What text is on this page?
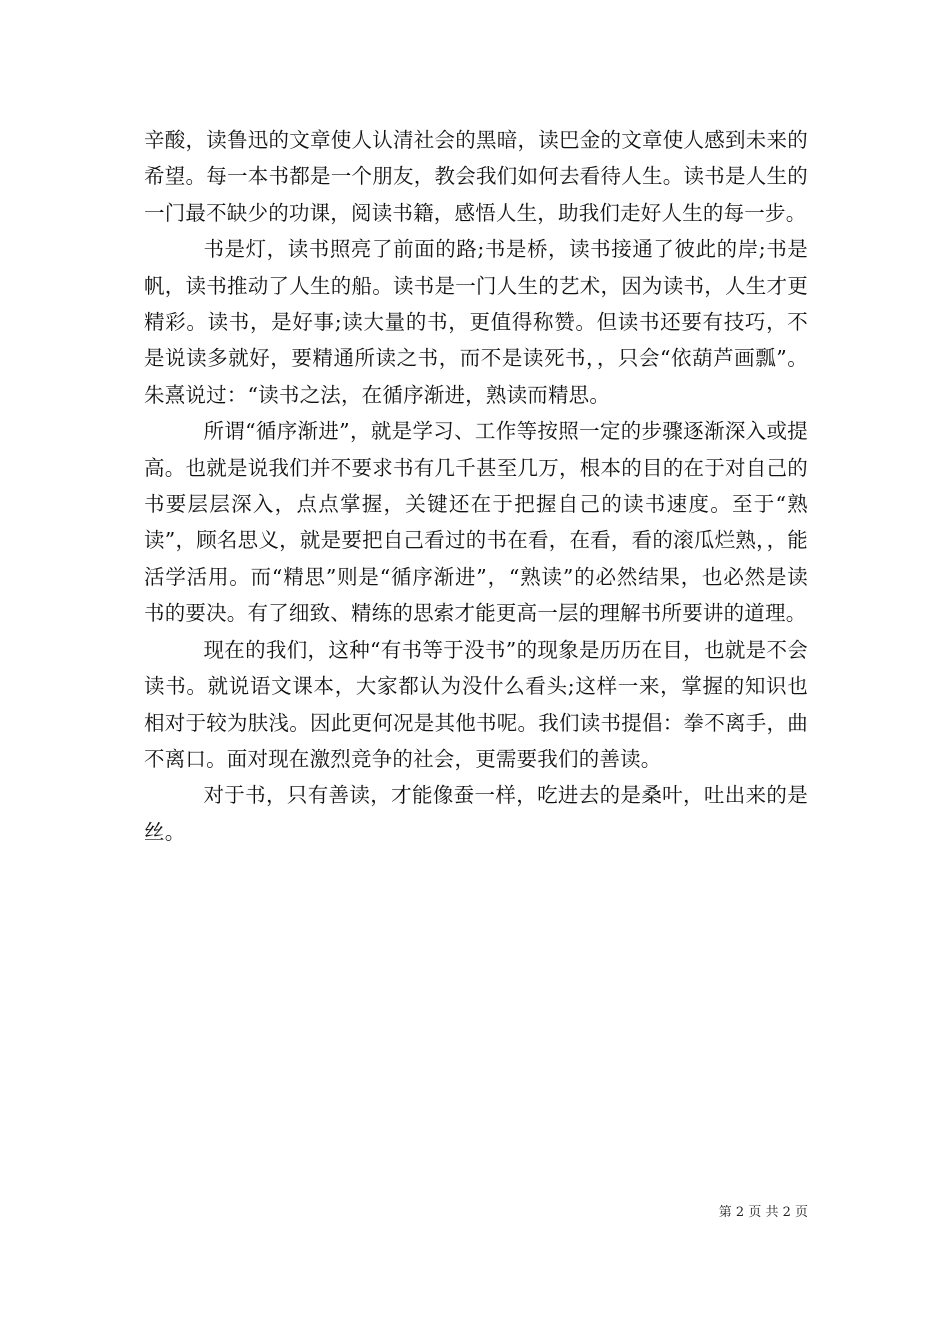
辛酸，读鲁迅的文章使人认清社会的黑暗，读巴金的文章使人感到未来的希望。每一本书都是一个朋友，教会我们如何去看待人生。读书是人生的一门最不缺少的功课，阅读书籍，感悟人生，助我们走好人生的每一步。

书是灯，读书照亮了前面的路;书是桥，读书接通了彼此的岸;书是帆，读书推动了人生的船。读书是一门人生的艺术，因为读书，人生才更精彩。读书，是好事;读大量的书，更值得称赞。但读书还要有技巧，不是说读多就好，要精通所读之书，而不是读死书，，只会“依葫芦画瓢”。朱熹说过：“读书之法，在循序渐进，熟读而精思。

所谓“循序渐进”，就是学习、工作等按照一定的步骤逐渐深入或提高。也就是说我们并不要求书有几千甚至几万，根本的目的在于对自己的书要层层深入，点点掌握，关键还在于把握自己的读书速度。至于“熟读”，顾名思义，就是要把自己看过的书在看，在看，看的滚瓜烂熟，，能活学活用。而“精思”则是“循序渐进”，“熟读”的必然结果，也必然是读书的要决。有了细致、精练的思索才能更高一层的理解书所要讲的道理。

现在的我们，这种“有书等于没书”的现象是历历在目，也就是不会读书。就说语文课本，大家都认为没什么看头;这样一来，掌握的知识也相对于较为肤浅。因此更何况是其他书呢。我们读书提倡：拳不离手，曲不离口。面对现在激烈竞争的社会，更需要我们的善读。

对于书，只有善读，才能像蚕一样，吃进去的是桑叶，吐出来的是丝。

第 2 页 共 2 页
